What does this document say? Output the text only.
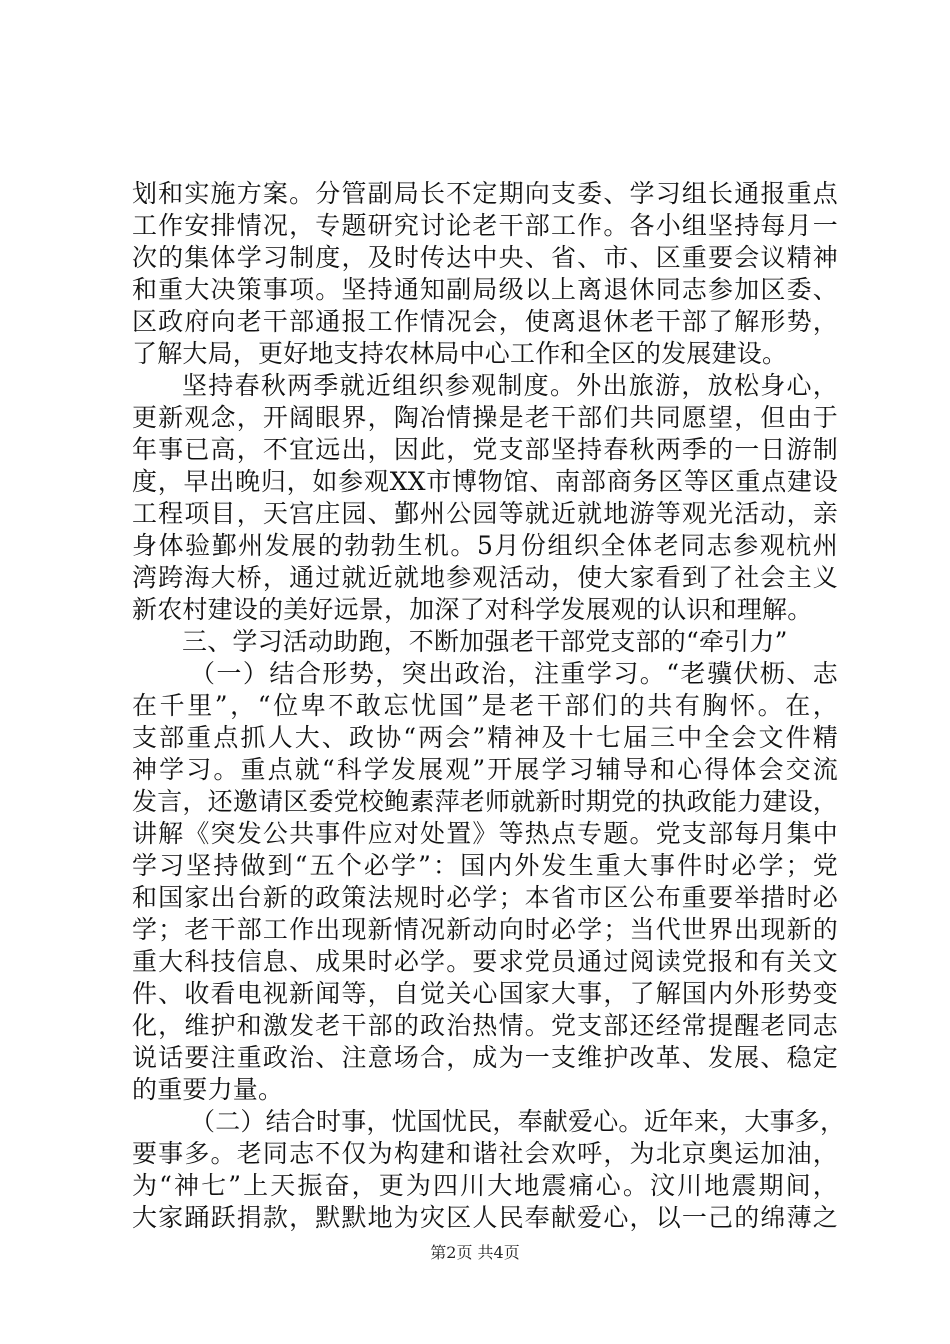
划和实施方案。分管副局长不定期向支委、学习组长通报重点
工作安排情况，专题研究讨论老干部工作。各小组坚持每月一
次的集体学习制度，及时传达中央、省、市、区重要会议精神
和重大决策事项。坚持通知副局级以上离退休同志参加区委、
区政府向老干部通报工作情况会，使离退休老干部了解形势，
了解大局，更好地支持农林局中心工作和全区的发展建设。
坚持春秋两季就近组织参观制度。外出旅游，放松身心，
更新观念，开阔眼界，陶冶情操是老干部们共同愿望，但由于
年事已高，不宜远出，因此，党支部坚持春秋两季的一日游制
度，早出晚归，如参观XX市博物馆、南部商务区等区重点建设
工程项目，天宫庄园、鄞州公园等就近就地游等观光活动，亲
身体验鄞州发展的勃勃生机。5月份组织全体老同志参观杭州
湾跨海大桥，通过就近就地参观活动，使大家看到了社会主义
新农村建设的美好远景，加深了对科学发展观的认识和理解。
三、学习活动助跑，不断加强老干部党支部的“牵引力”
（一）结合形势，突出政治，注重学习。“老骥伏枥、志
在千里”，“位卑不敢忘忧国”是老干部们的共有胸怀。在，
支部重点抓人大、政协“两会”精神及十七届三中全会文件精
神学习。重点就“科学发展观”开展学习辅导和心得体会交流
发言，还邀请区委党校鲍素萍老师就新时期党的执政能力建设，
讲解《突发公共事件应对处置》等热点专题。党支部每月集中
学习坚持做到“五个必学”：国内外发生重大事件时必学；党
和国家出台新的政策法规时必学；本省市区公布重要举措时必
学；老干部工作出现新情况新动向时必学；当代世界出现新的
重大科技信息、成果时必学。要求党员通过阅读党报和有关文
件、收看电视新闻等，自觉关心国家大事，了解国内外形势变
化，维护和激发老干部的政治热情。党支部还经常提醒老同志
说话要注重政治、注意场合，成为一支维护改革、发展、稳定
的重要力量。
（二）结合时事，忧国忧民，奉献爱心。近年来，大事多，
要事多。老同志不仅为构建和谐社会欢呼，为北京奥运加油，
为“神七”上天振奋，更为四川大地震痛心。汶川地震期间，
大家踊跃捐款，默默地为灾区人民奉献爱心，以一己的绵薄之
第2页 共4页
